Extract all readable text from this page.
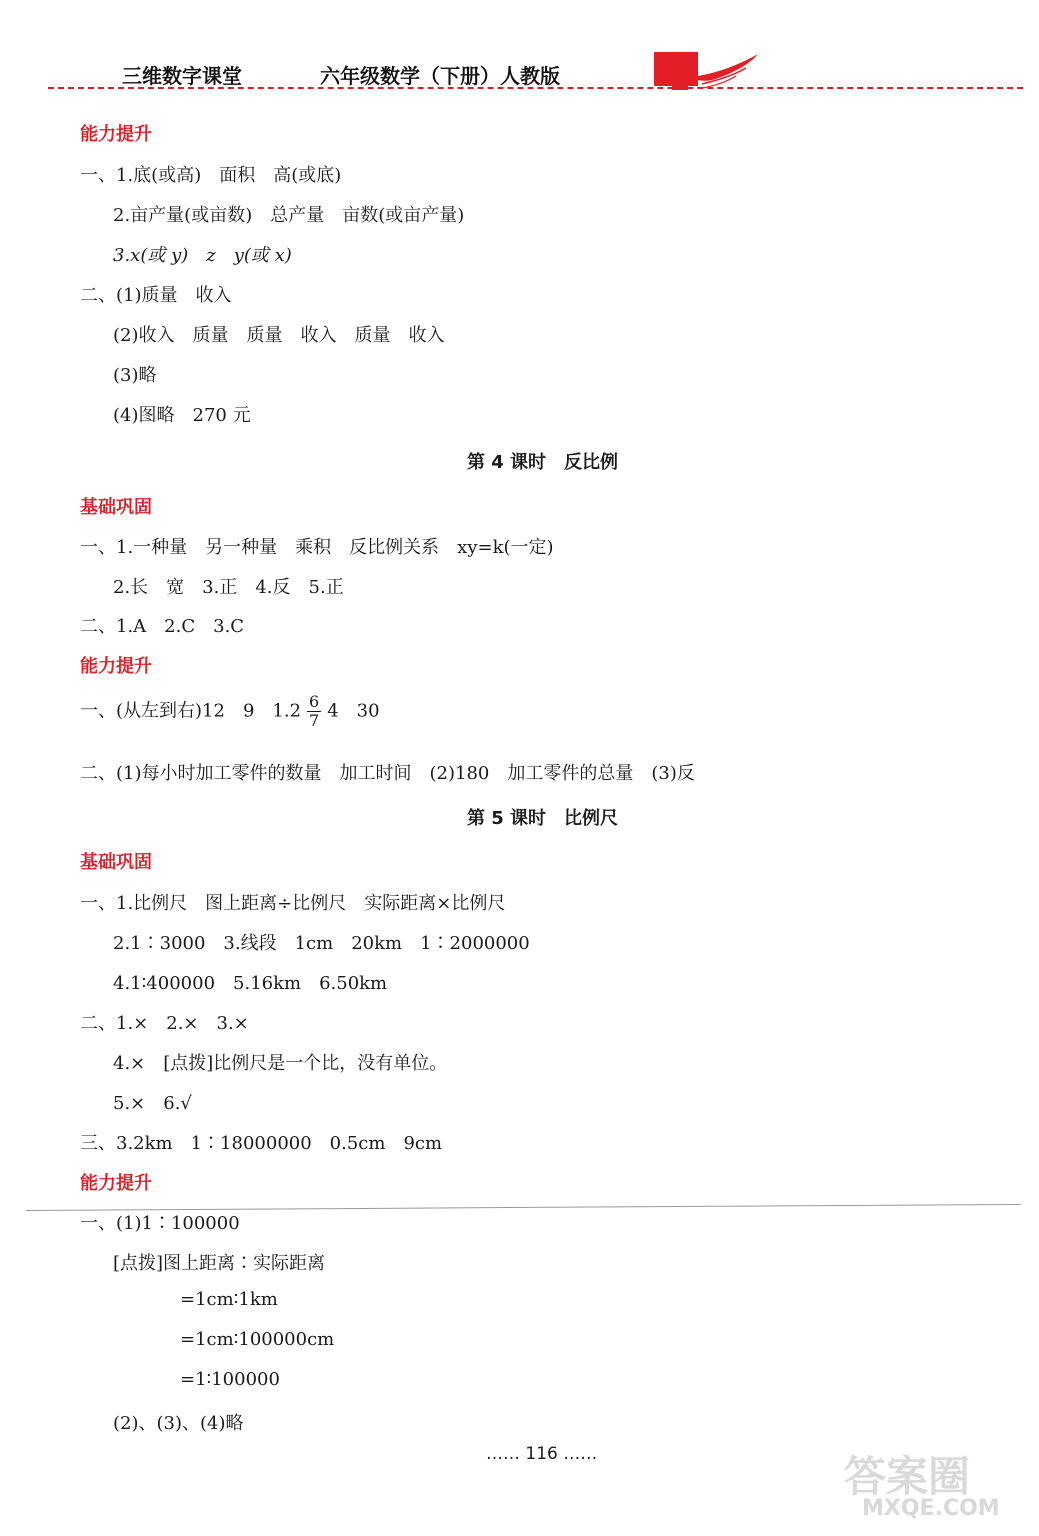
三维数字课堂	六年级数学（下册）人教版
能力提升
一、1.底(或高)　面积　高(或底)
2.亩产量(或亩数)　总产量　亩数(或亩产量)
3.x(或 y)　z　y(或 x)
二、(1)质量　收入
(2)收入　质量　质量　收入　质量　收入
(3)略
(4)图略　270 元
第 4 课时　反比例
基础巩固
一、1.一种量　另一种量　乘积　反比例关系　xy=k(一定)
2.长　宽　3.正　4.反　5.正
二、1.A　2.C　3.C
能力提升
一、(从左到右)12　9　$1.2 \frac{6}{7} 4$　30
二、(1)每小时加工零件的数量　加工时间　(2)180　加工零件的总量　(3)反
第 5 课时　比例尺
基础巩固
一、1.比例尺　图上距离÷比例尺　实际距离×比例尺
2.1∶3000　3.线段　1cm　20km　1∶2000000
4.1∶400000　5.16km　6.50km
二、1.×　2.×　3.×
4.×　[点拨]比例尺是一个比，没有单位。
5.×　6.√
三、3.2km　1∶18000000　0.5cm　9cm
能力提升
一、(1)1∶100000
[点拨]图上距离∶实际距离
=1cm∶1km
=1cm∶100000cm
=1∶100000
(2)、(3)、(4)略
…… 116 ……	答案圈
MXQE.COM
